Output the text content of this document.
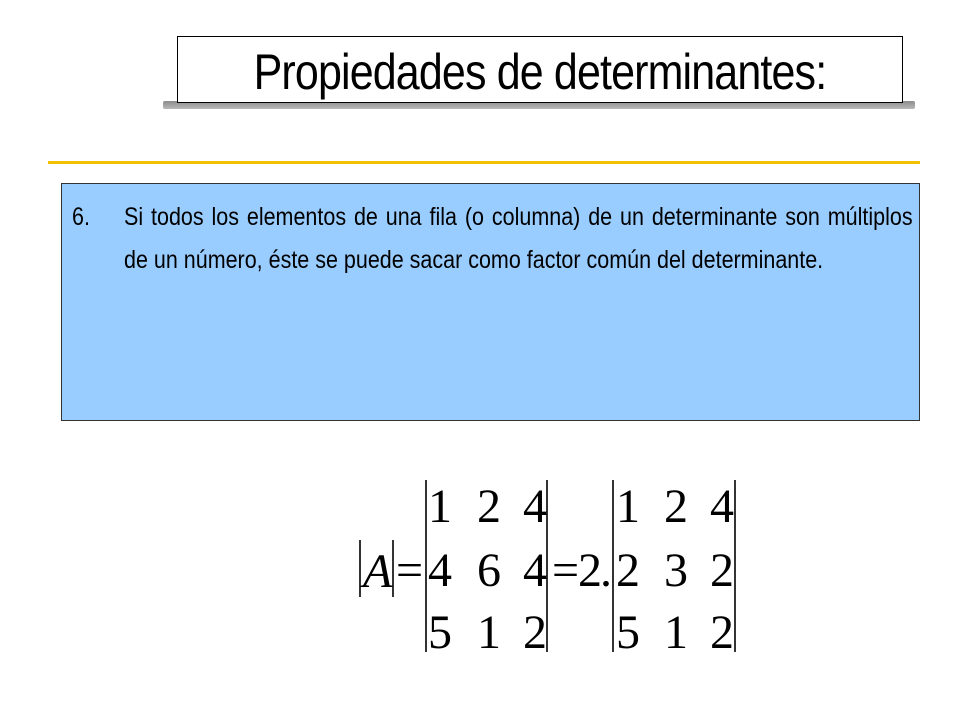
Propiedades de determinantes:
6.	Si todos los elementos de una fila (o columna) de un determinante son múltiplos de un número, éste se puede sacar como factor común del determinante.
A =
1 2 4
4 6 4
5 1 2
=
2
.
1 2 4
2 3 2
5 1 2
